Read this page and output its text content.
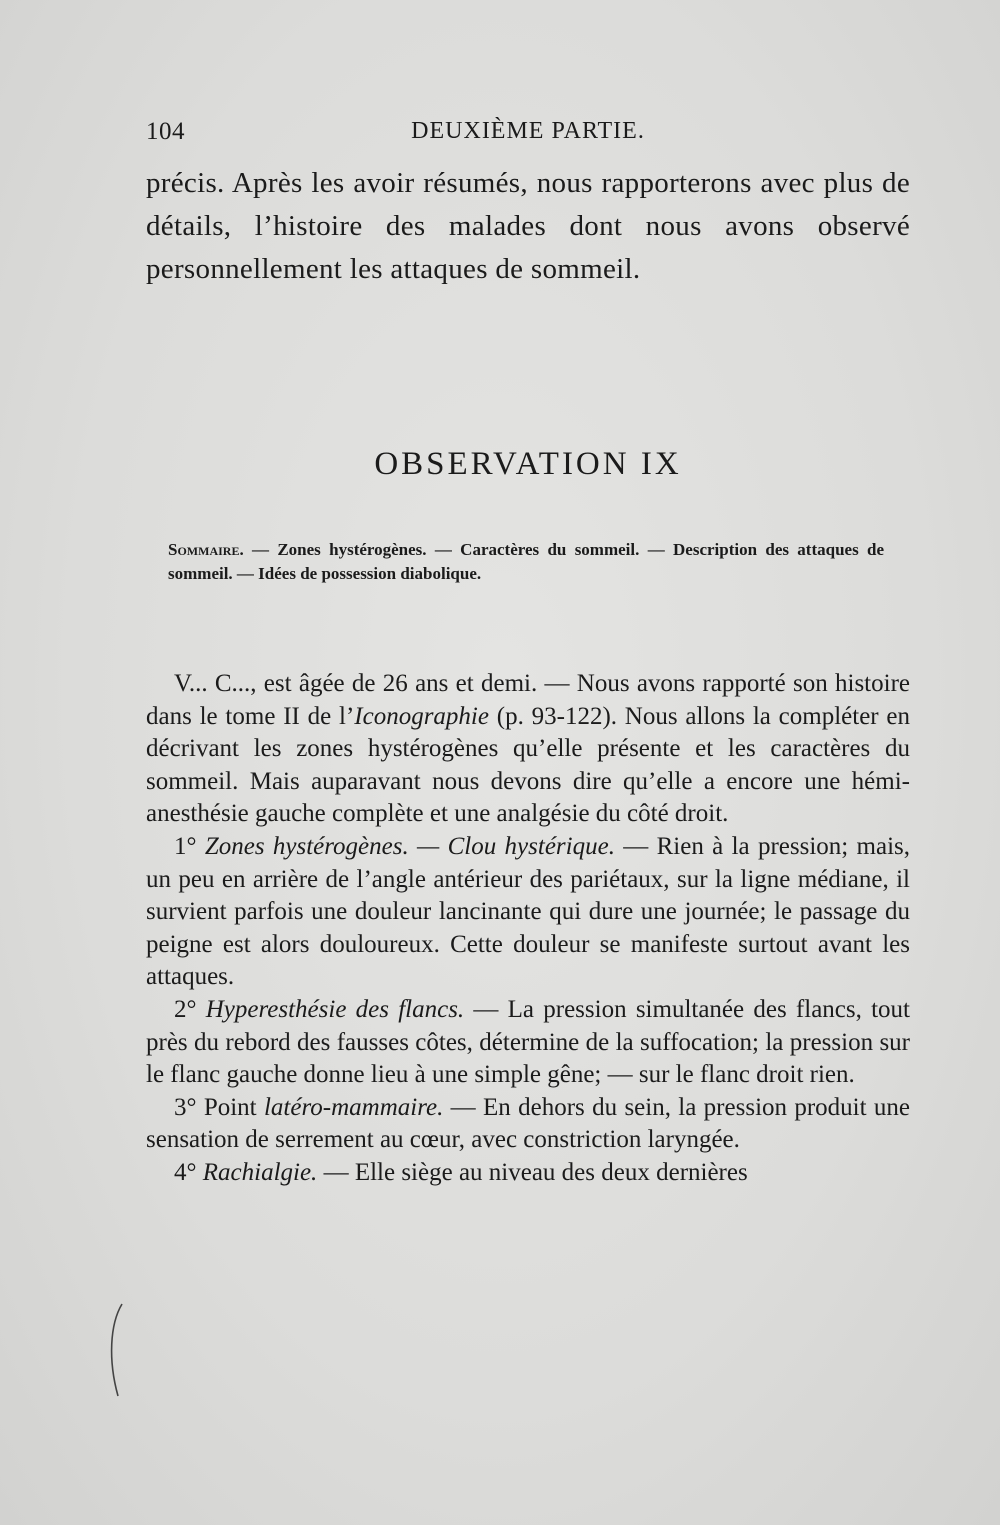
104	DEUXIÈME PARTIE.
précis. Après les avoir résumés, nous rapporterons avec plus de détails, l’histoire des malades dont nous avons observé personnellement les attaques de sommeil.
OBSERVATION IX
Sommaire. — Zones hystérogènes. — Caractères du sommeil. — Description des attaques de sommeil. — Idées de possession diabolique.

V... C..., est âgée de 26 ans et demi. — Nous avons rapporté son histoire dans le tome II de l’Iconographie (p. 93-122). Nous allons la compléter en décrivant les zones hystérogènes qu’elle présente et les caractères du sommeil. Mais auparavant nous devons dire qu’elle a encore une hémi-anesthésie gauche complète et une analgésie du côté droit.

1° Zones hystérogènes. — Clou hystérique. — Rien à la pression; mais, un peu en arrière de l’angle antérieur des pariétaux, sur la ligne médiane, il survient parfois une douleur lancinante qui dure une journée; le passage du peigne est alors douloureux. Cette douleur se manifeste surtout avant les attaques.

2° Hyperesthésie des flancs. — La pression simultanée des flancs, tout près du rebord des fausses côtes, détermine de la suffocation; la pression sur le flanc gauche donne lieu à une simple gêne; — sur le flanc droit rien.

3° Point latéro-mammaire. — En dehors du sein, la pression produit une sensation de serrement au cœur, avec constriction laryngée.

4° Rachialgie. — Elle siège au niveau des deux dernières
